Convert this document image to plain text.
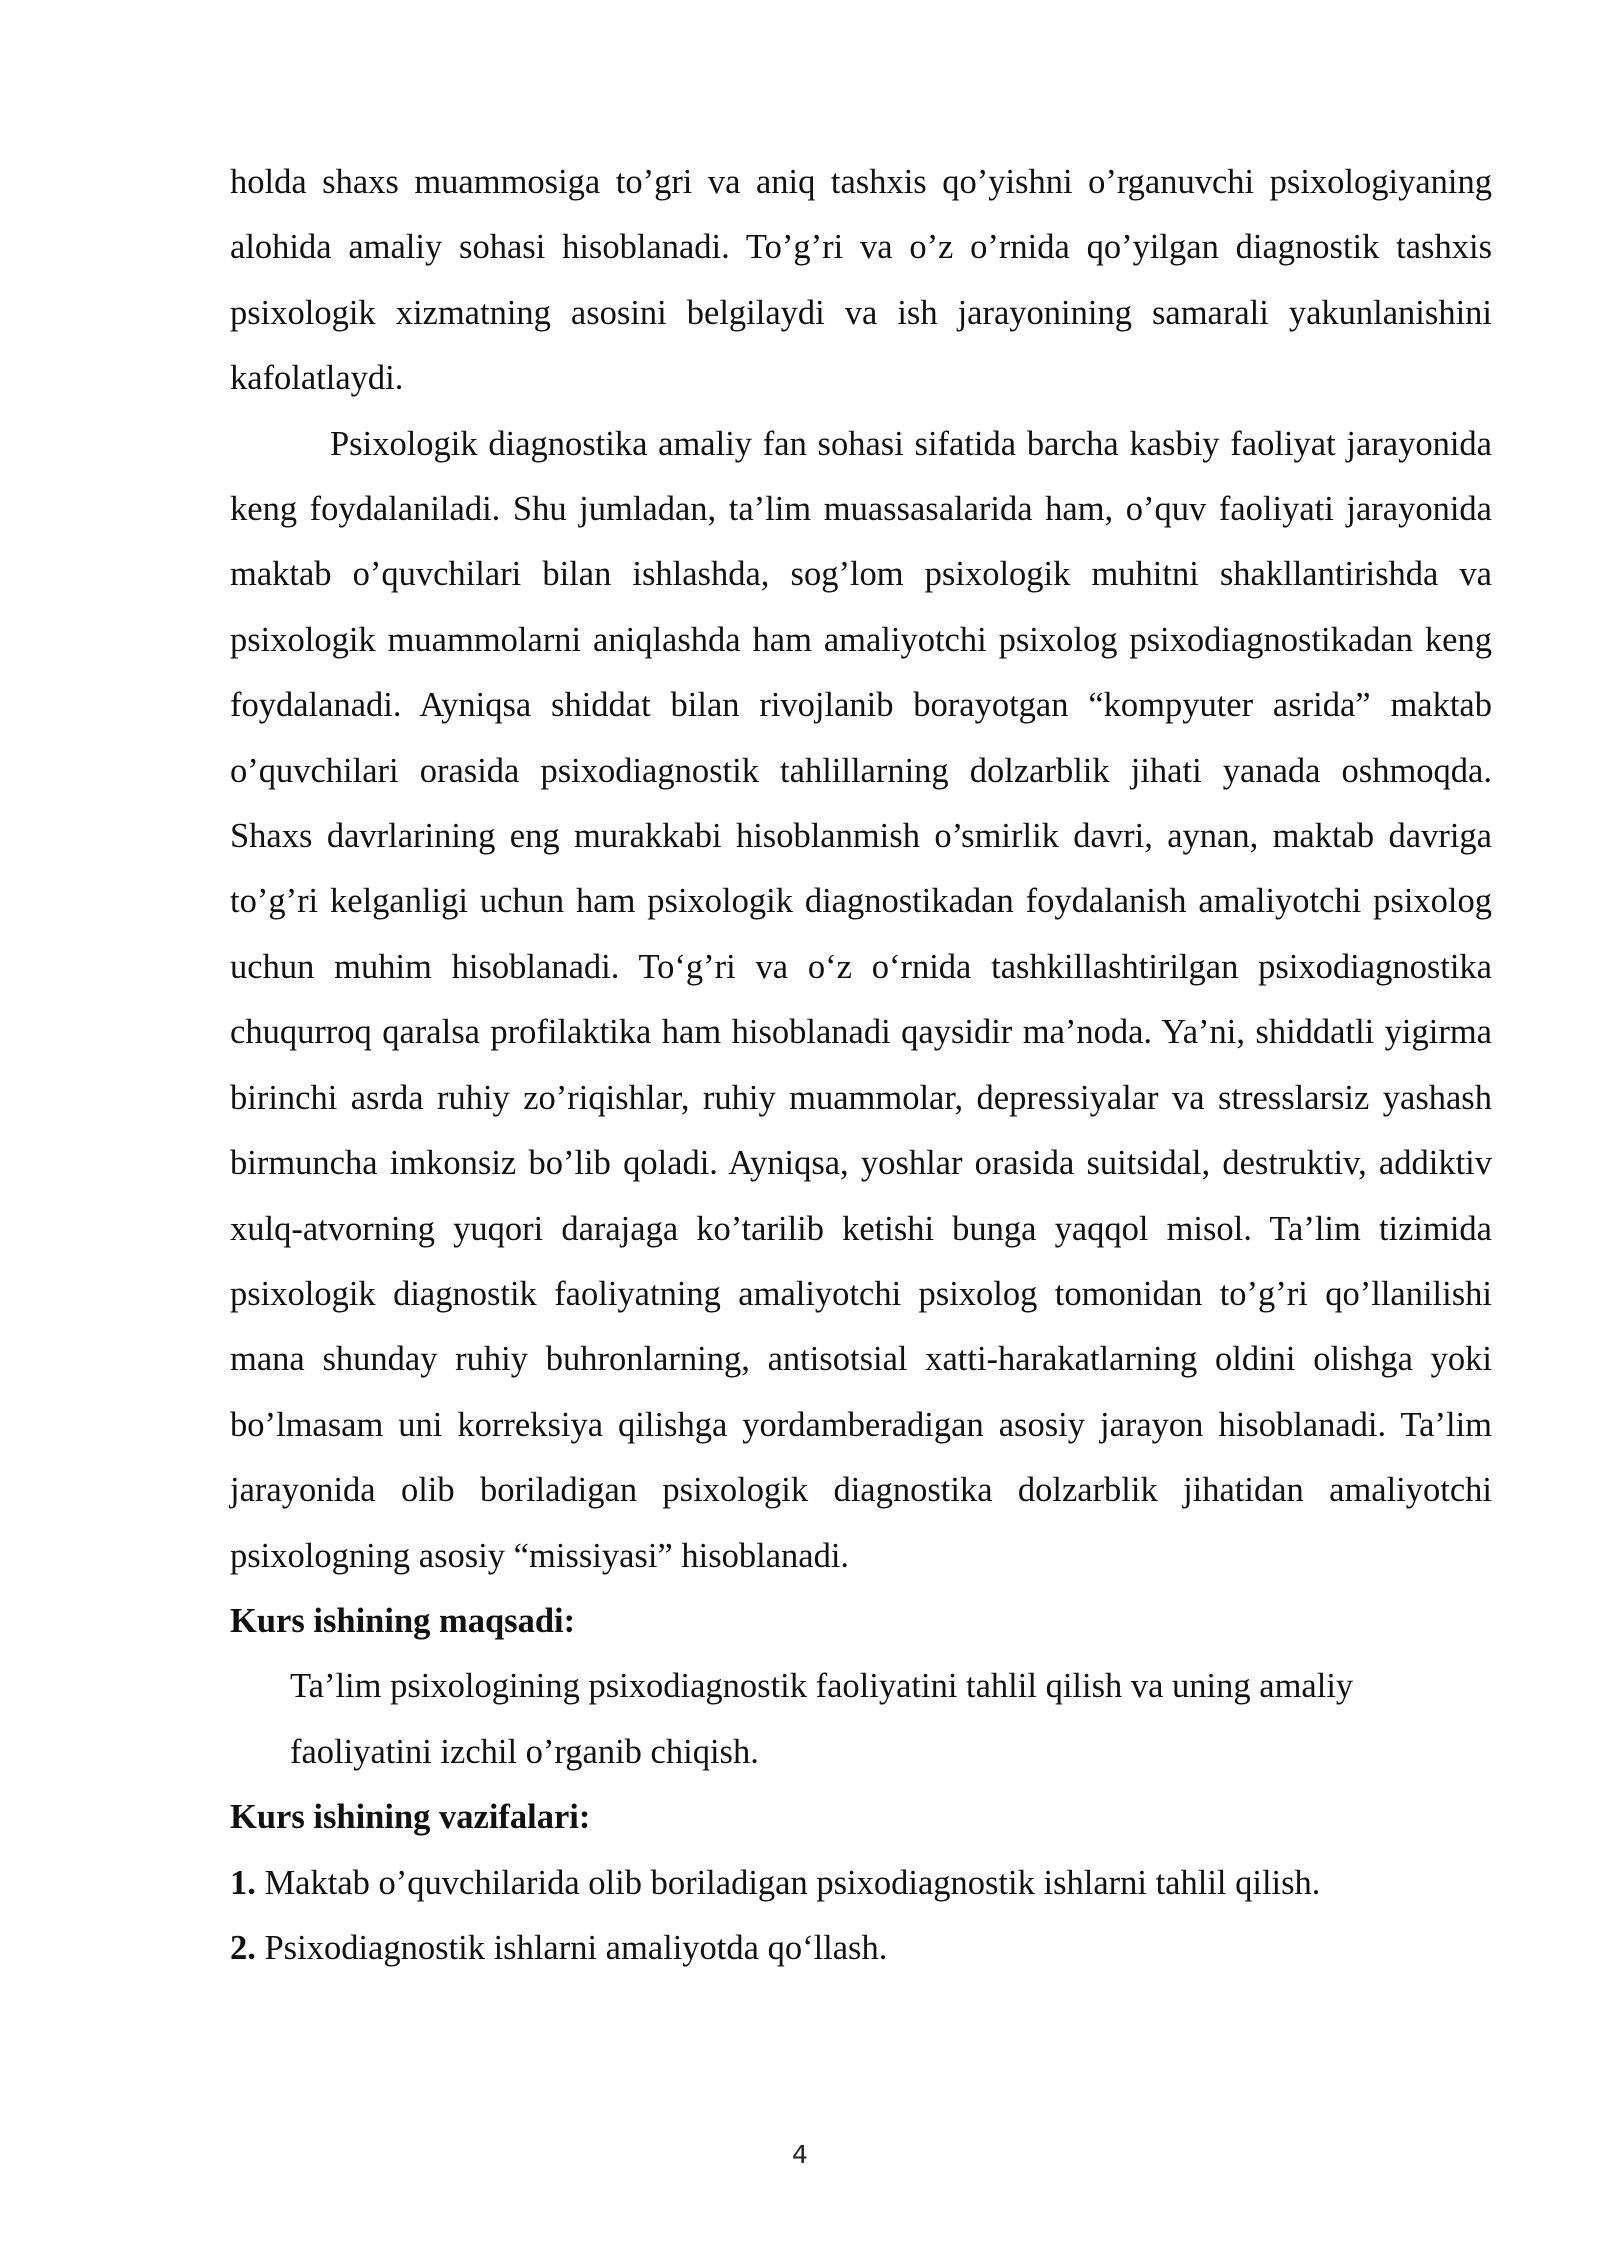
holda shaxs muammosiga to’gri va aniq tashxis qo’yishni o’rganuvchi psixologiyaning alohida amaliy sohasi hisoblanadi. To’g’ri va o’z o’rnida qo’yilgan diagnostik tashxis psixologik xizmatning asosini belgilaydi va ish jarayonining samarali yakunlanishini kafolatlaydi.

Psixologik diagnostika amaliy fan sohasi sifatida barcha kasbiy faoliyat jarayonida keng foydalaniladi. Shu jumladan, ta’lim muassasalarida ham, o’quv faoliyati jarayonida maktab o’quvchilari bilan ishlashda, sog’lom psixologik muhitni shakllantirishda va psixologik muammolarni aniqlashda ham amaliyotchi psixolog psixodiagnostikadan keng foydalanadi. Ayniqsa shiddat bilan rivojlanib borayotgan “kompyuter asrida” maktab o’quvchilari orasida psixodiagnostik tahlillarning dolzarblik jihati yanada oshmoqda. Shaxs davrlarining eng murakkabi hisoblanmish o’smirlik davri, aynan, maktab davriga to’g’ri kelganligi uchun ham psixologik diagnostikadan foydalanish amaliyotchi psixolog uchun muhim hisoblanadi. To‘g’ri va o‘z o‘rnida tashkillashtirilgan psixodiagnostika chuqurroq qaralsa profilaktika ham hisoblanadi qaysidir ma’noda. Ya’ni, shiddatli yigirma birinchi asrda ruhiy zo’riqishlar, ruhiy muammolar, depressiyalar va stresslarsiz yashash birmuncha imkonsiz bo’lib qoladi. Ayniqsa, yoshlar orasida suitsidal, destruktiv, addiktiv xulq-atvorning yuqori darajaga ko’tarilib ketishi bunga yaqqol misol. Ta’lim tizimida psixologik diagnostik faoliyatning amaliyotchi psixolog tomonidan to’g’ri qo’llanilishi mana shunday ruhiy buhronlarning, antisotsial xatti-harakatlarning oldini olishga yoki bo’lmasam uni korreksiya qilishga yordamberadigan asosiy jarayon hisoblanadi. Ta’lim jarayonida olib boriladigan psixologik diagnostika dolzarblik jihatidan amaliyotchi psixologning asosiy “missiyasi” hisoblanadi.

Kurs ishining maqsadi:

Ta’lim psixologining psixodiagnostik faoliyatini tahlil qilish va uning amaliy faoliyatini izchil o’rganib chiqish.

Kurs ishining vazifalari:

1. Maktab o’quvchilarida olib boriladigan psixodiagnostik ishlarni tahlil qilish.

2. Psixodiagnostik ishlarni amaliyotda qo‘llash.

4
